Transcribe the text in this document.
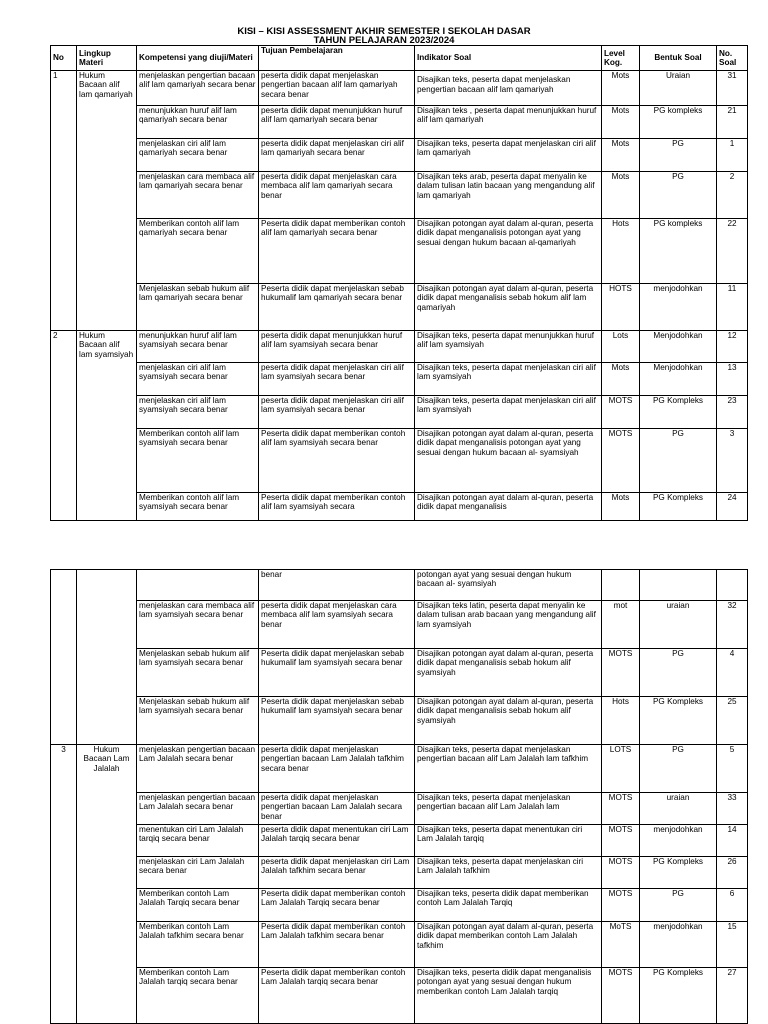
KISI – KISI ASSESSMENT AKHIR SEMESTER I SEKOLAH DASAR
TAHUN PELAJARAN 2023/2024
No	Lingkup Materi	Kompetensi yang diuji/Materi	Tujuan Pembelajaran	Indikator Soal	Level Kog.	Bentuk Soal	No. Soal
1	Hukum Bacaan alif lam qamariyah	menjelaskan pengertian bacaan alif lam qamariyah secara benar	peserta didik dapat menjelaskan pengertian bacaan alif lam qamariyah secara benar	Disajikan teks, peserta dapat menjelaskan pengertian bacaan alif lam qamariyah	Mots	Uraian	31
		menunjukkan huruf alif lam qamariyah secara benar	peserta didik dapat menunjukkan huruf alif lam qamariyah secara benar	Disajikan teks , peserta dapat menunjukkan huruf alif lam qamariyah	Mots	PG kompleks	21
		menjelaskan ciri alif lam qamariyah secara benar	peserta didik dapat menjelaskan ciri alif lam qamariyah secara benar	Disajikan teks, peserta dapat menjelaskan ciri alif lam qamariyah	Mots	PG	1
		menjelaskan cara membaca alif lam qamariyah secara benar	peserta didik dapat menjelaskan cara membaca alif lam qamariyah secara benar	Disajikan teks arab, peserta dapat menyalin ke dalam tulisan latin bacaan yang mengandung alif lam qamariyah	Mots	PG	2
		Memberikan contoh alif lam qamariyah secara benar	Peserta didik dapat memberikan contoh alif lam qamariyah secara benar	Disajikan potongan ayat dalam al-quran, peserta didik dapat menganalisis potongan ayat yang sesuai dengan hukum bacaan al-qamariyah	Hots	PG kompleks	22
		Menjelaskan sebab hukum alif lam qamariyah secara benar	Peserta didik dapat menjelaskan sebab hukumalif lam qamariyah secara benar	Disajikan potongan ayat dalam al-quran, peserta didik dapat menganalisis sebab hokum alif lam qamariyah	HOTS	menjodohkan	11
2	Hukum Bacaan alif lam syamsiyah	menunjukkan huruf alif lam syamsiyah secara benar	peserta didik dapat menunjukkan huruf alif lam syamsiyah secara benar	Disajikan teks, peserta dapat menunjukkan huruf alif lam syamsiyah	Lots	Menjodohkan	12
		menjelaskan ciri alif lam syamsiyah secara benar	peserta didik dapat menjelaskan ciri alif lam syamsiyah secara benar	Disajikan teks, peserta dapat menjelaskan ciri alif lam syamsiyah	Mots	Menjodohkan	13
		menjelaskan ciri alif lam syamsiyah secara benar	peserta didik dapat menjelaskan ciri alif lam syamsiyah secara benar	Disajikan teks, peserta dapat menjelaskan ciri alif lam syamsiyah	MOTS	PG Kompleks	23
		Memberikan contoh alif lam syamsiyah secara benar	Peserta didik dapat memberikan contoh alif lam syamsiyah secara benar	Disajikan potongan ayat dalam al-quran, peserta didik dapat menganalisis potongan ayat yang sesuai dengan hukum bacaan al- syamsiyah	MOTS	PG	3
		Memberikan contoh alif lam syamsiyah secara benar	Peserta didik dapat memberikan contoh alif lam syamsiyah secara	Disajikan potongan ayat dalam al-quran, peserta didik dapat menganalisis	Mots	PG Kompleks	24
			benar	potongan ayat yang sesuai dengan hukum bacaan al- syamsiyah			
		menjelaskan cara membaca alif lam syamsiyah secara benar	peserta didik dapat menjelaskan cara membaca alif lam syamsiyah secara benar	Disajikan teks latin, peserta dapat menyalin ke dalam tulisan arab bacaan yang mengandung alif lam syamsiyah	mot	uraian	32
		Menjelaskan sebab hukum alif lam syamsiyah secara benar	Peserta didik dapat menjelaskan sebab hukumalif lam syamsiyah secara benar	Disajikan potongan ayat dalam al-quran, peserta didik dapat menganalisis sebab hokum alif syamsiyah	MOTS	PG	4
		Menjelaskan sebab hukum alif lam syamsiyah secara benar	Peserta didik dapat menjelaskan sebab hukumalif lam syamsiyah secara benar	Disajikan potongan ayat dalam al-quran, peserta didik dapat menganalisis sebab hokum alif syamsiyah	Hots	PG Kompleks	25
3	Hukum Bacaan Lam Jalalah	menjelaskan pengertian bacaan Lam Jalalah secara benar	peserta didik dapat menjelaskan pengertian bacaan Lam Jalalah tafkhim secara benar	Disajikan teks, peserta dapat menjelaskan pengertian bacaan alif Lam Jalalah lam tafkhim	LOTS	PG	5
		menjelaskan pengertian bacaan Lam Jalalah secara benar	peserta didik dapat menjelaskan pengertian bacaan Lam Jalalah secara benar	Disajikan teks, peserta dapat menjelaskan pengertian bacaan alif Lam Jalalah lam	MOTS	uraian	33
		menentukan ciri Lam Jalalah tarqiq secara benar	peserta didik dapat menentukan ciri Lam Jalalah tarqiq secara benar	Disajikan teks, peserta dapat menentukan ciri Lam Jalalah tarqiq	MOTS	menjodohkan	14
		menjelaskan ciri Lam Jalalah secara benar	peserta didik dapat menjelaskan ciri Lam Jalalah tafkhim secara benar	Disajikan teks, peserta dapat menjelaskan ciri Lam Jalalah tafkhim	MOTS	PG Kompleks	26
		Memberikan contoh Lam Jalalah Tarqiq secara benar	Peserta didik dapat memberikan contoh Lam Jalalah Tarqiq secara benar	Disajikan teks, peserta didik dapat memberikan contoh Lam Jalalah Tarqiq	MOTS	PG	6
		Memberikan contoh Lam Jalalah tafkhim secara benar	Peserta didik dapat memberikan contoh Lam Jalalah tafkhim secara benar	Disajikan potongan ayat dalam al-quran, peserta didik dapat memberikan contoh Lam Jalalah tafkhim	MoTS	menjodohkan	15
		Memberikan contoh Lam Jalalah tarqiq secara benar	Peserta didik dapat memberikan contoh Lam Jalalah tarqiq secara benar	Disajikan teks, peserta didik dapat menganalisis potongan ayat yang sesuai dengan hukum memberikan contoh Lam Jalalah tarqiq	MOTS	PG Kompleks	27
